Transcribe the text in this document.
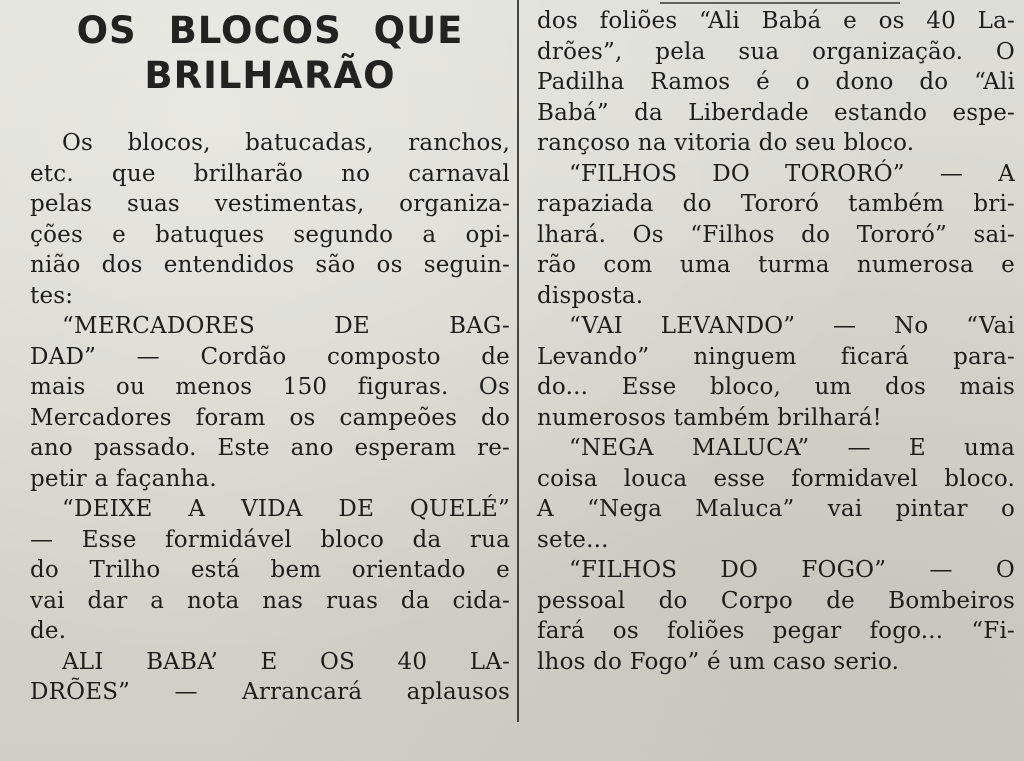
OS BLOCOS QUE
BRILHARÃO
Os blocos, batucadas, ranchos,
etc. que brilharão no carnaval
pelas suas vestimentas, organiza-
ções e batuques segundo a opi-
nião dos entendidos são os seguin-
tes:
“MERCADORES DE BAG-
DAD” — Cordão composto de
mais ou menos 150 figuras. Os
Mercadores foram os campeões do
ano passado. Este ano esperam re-
petir a façanha.
“DEIXE A VIDA DE QUELÉ”
— Esse formidável bloco da rua
do Trilho está bem orientado e
vai dar a nota nas ruas da cida-
de.
ALI BABA’ E OS 40 LA-
DRÕES” — Arrancará aplausos
dos foliões “Ali Babá e os 40 La-
drões”, pela sua organização. O
Padilha Ramos é o dono do “Ali
Babá” da Liberdade estando espe-
rançoso na vitoria do seu bloco.
“FILHOS DO TORORÓ” — A
rapaziada do Tororó também bri-
lhará. Os “Filhos do Tororó” sai-
rão com uma turma numerosa e
disposta.
“VAI LEVANDO” — No “Vai
Levando” ninguem ficará para-
do... Esse bloco, um dos mais
numerosos também brilhará!
“NEGA MALUCA” — E uma
coisa louca esse formidavel bloco.
A “Nega Maluca” vai pintar o
sete...
“FILHOS DO FOGO” — O
pessoal do Corpo de Bombeiros
fará os foliões pegar fogo... “Fi-
lhos do Fogo” é um caso serio.
